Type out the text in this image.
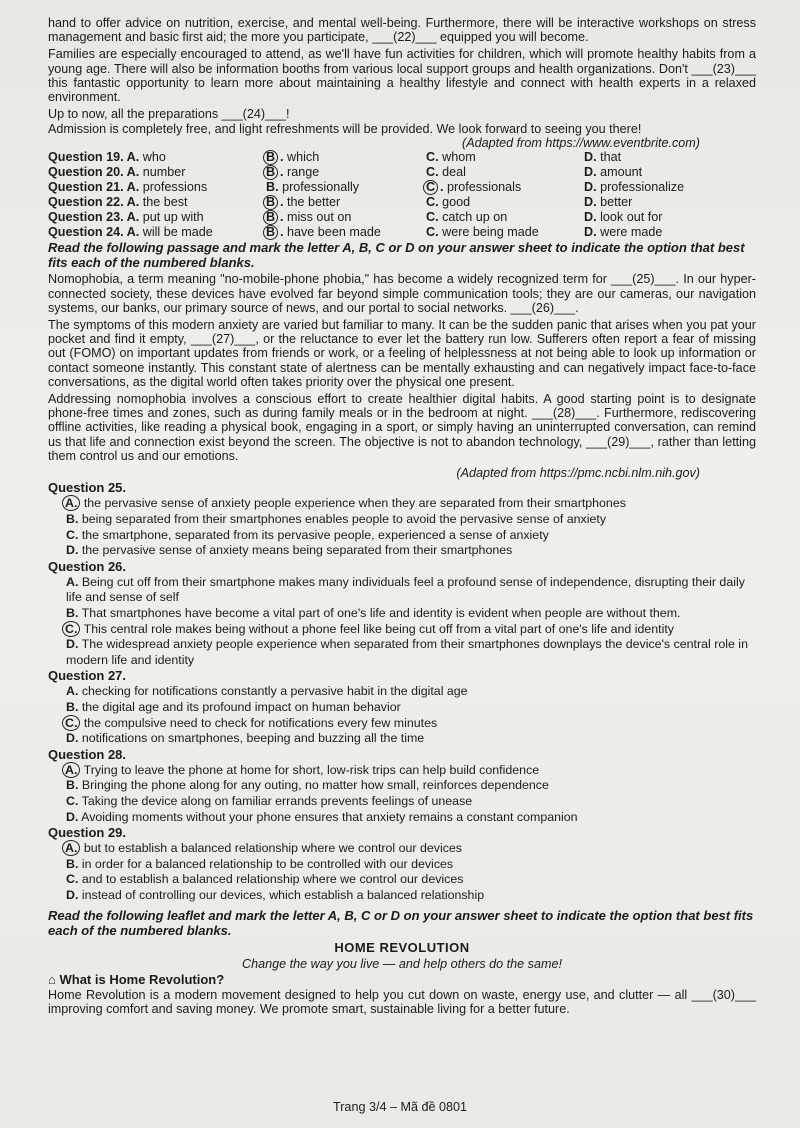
hand to offer advice on nutrition, exercise, and mental well-being. Furthermore, there will be interactive workshops on stress management and basic first aid; the more you participate, ___(22)___ equipped you will become.

Families are especially encouraged to attend, as we'll have fun activities for children, which will promote healthy habits from a young age. There will also be information booths from various local support groups and health organizations. Don't ___(23)___ this fantastic opportunity to learn more about maintaining a healthy lifestyle and connect with health experts in a relaxed environment.

Up to now, all the preparations ___(24)___!

Admission is completely free, and light refreshments will be provided. We look forward to seeing you there!

(Adapted from https://www.eventbrite.com)

Question 19. A. who	B . which	C. whom	D. that
Question 20. A. number	B . range	C. deal	D. amount
Question 21. A. professions	B. professionally	C . professionals	D. professionalize
Question 22. A. the best	B . the better	C. good	D. better
Question 23. A. put up with	B . miss out on	C. catch up on	D. look out for
Question 24. A. will be made	B . have been made	C. were being made	D. were made

Read the following passage and mark the letter A, B, C or D on your answer sheet to indicate the option that best fits each of the numbered blanks.

Nomophobia, a term meaning "no-mobile-phone phobia," has become a widely recognized term for ___(25)___. In our hyper-connected society, these devices have evolved far beyond simple communication tools; they are our cameras, our navigation systems, our banks, our primary source of news, and our portal to social networks. ___(26)___.

The symptoms of this modern anxiety are varied but familiar to many. It can be the sudden panic that arises when you pat your pocket and find it empty, ___(27)___, or the reluctance to ever let the battery run low. Sufferers often report a fear of missing out (FOMO) on important updates from friends or work, or a feeling of helplessness at not being able to look up information or contact someone instantly. This constant state of alertness can be mentally exhausting and can negatively impact face-to-face conversations, as the digital world often takes priority over the physical one present.

Addressing nomophobia involves a conscious effort to create healthier digital habits. A good starting point is to designate phone-free times and zones, such as during family meals or in the bedroom at night. ___(28)___. Furthermore, rediscovering offline activities, like reading a physical book, engaging in a sport, or simply having an uninterrupted conversation, can remind us that life and connection exist beyond the screen. The objective is not to abandon technology, ___(29)___, rather than letting them control us and our emotions.

(Adapted from https://pmc.ncbi.nlm.nih.gov)

Question 25.
A. the pervasive sense of anxiety people experience when they are separated from their smartphones
B. being separated from their smartphones enables people to avoid the pervasive sense of anxiety
C. the smartphone, separated from its pervasive people, experienced a sense of anxiety
D. the pervasive sense of anxiety means being separated from their smartphones
Question 26.
A. Being cut off from their smartphone makes many individuals feel a profound sense of independence, disrupting their daily life and sense of self
B. That smartphones have become a vital part of one's life and identity is evident when people are without them.
C. This central role makes being without a phone feel like being cut off from a vital part of one's life and identity
D. The widespread anxiety people experience when separated from their smartphones downplays the device's central role in modern life and identity
Question 27.
A. checking for notifications constantly a pervasive habit in the digital age
B. the digital age and its profound impact on human behavior
C. the compulsive need to check for notifications every few minutes
D. notifications on smartphones, beeping and buzzing all the time
Question 28.
A. Trying to leave the phone at home for short, low-risk trips can help build confidence
B. Bringing the phone along for any outing, no matter how small, reinforces dependence
C. Taking the device along on familiar errands prevents feelings of unease
D. Avoiding moments without your phone ensures that anxiety remains a constant companion
Question 29.
A. but to establish a balanced relationship where we control our devices
B. in order for a balanced relationship to be controlled with our devices
C. and to establish a balanced relationship where we control our devices
D. instead of controlling our devices, which establish a balanced relationship

Read the following leaflet and mark the letter A, B, C or D on your answer sheet to indicate the option that best fits each of the numbered blanks.

HOME REVOLUTION

Change the way you live — and help others do the same!

⌂ What is Home Revolution?

Home Revolution is a modern movement designed to help you cut down on waste, energy use, and clutter — all ___(30)___ improving comfort and saving money. We promote smart, sustainable living for a better future.

Trang 3/4 – Mã đề 0801
